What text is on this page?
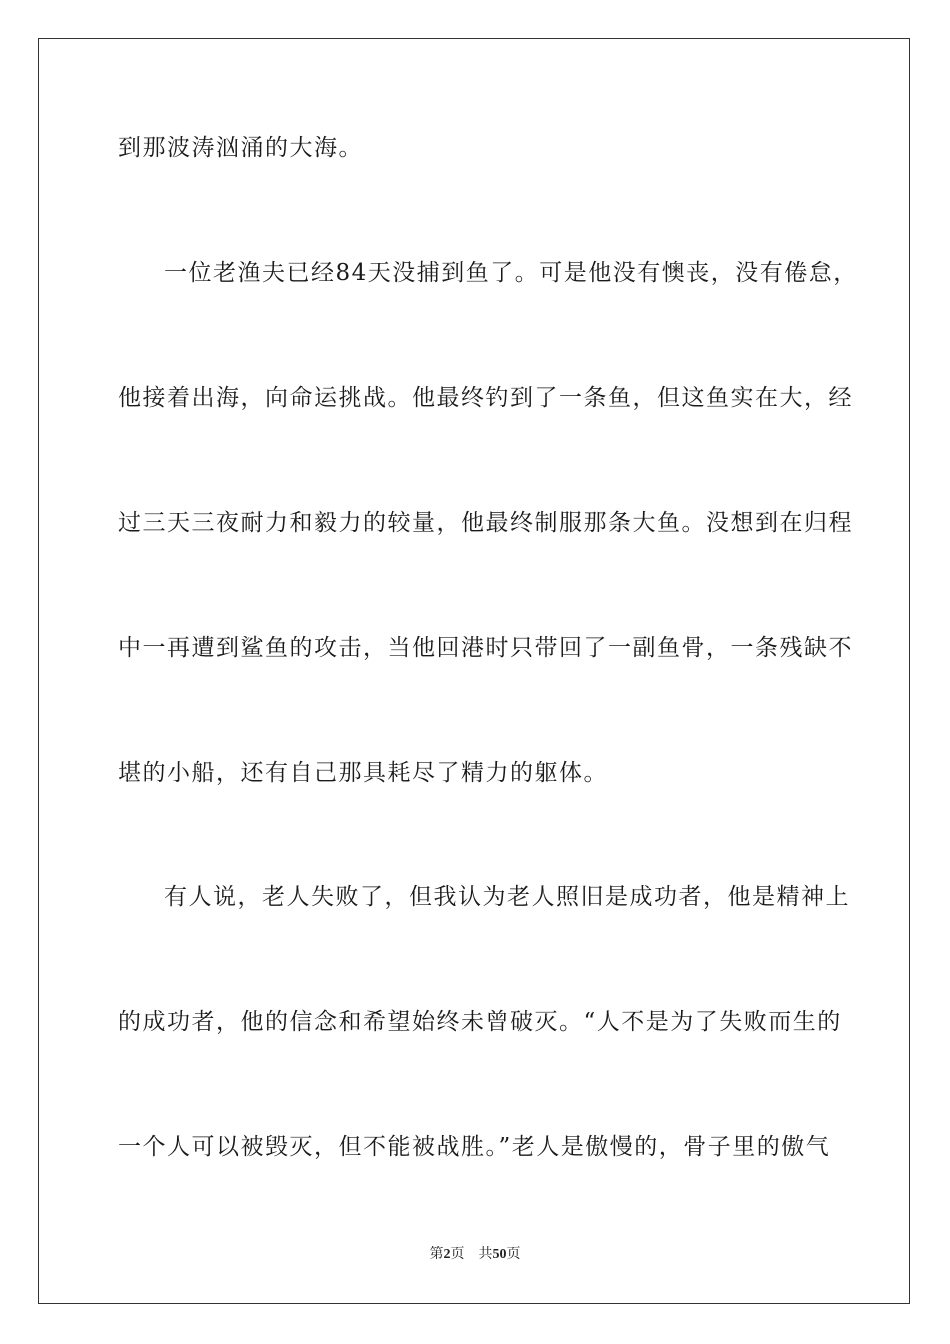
到那波涛汹涌的大海。
一位老渔夫已经84天没捕到鱼了。可是他没有懊丧，没有倦怠，
他接着出海，向命运挑战。他最终钓到了一条鱼，但这鱼实在大，经
过三天三夜耐力和毅力的较量，他最终制服那条大鱼。没想到在归程
中一再遭到鲨鱼的攻击，当他回港时只带回了一副鱼骨，一条残缺不
堪的小船，还有自己那具耗尽了精力的躯体。
有人说，老人失败了，但我认为老人照旧是成功者，他是精神上
的成功者，他的信念和希望始终未曾破灭。“人不是为了失败而生的
一个人可以被毁灭，但不能被战胜。”老人是傲慢的，骨子里的傲气
第2页 共50页
